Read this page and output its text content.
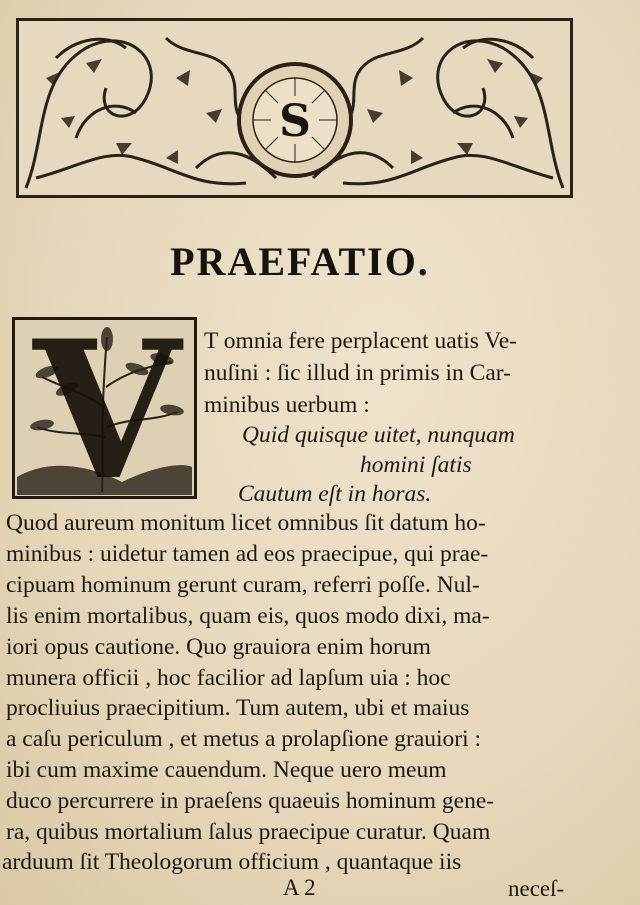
S
PRAEFATIO.
V T omnia fere perplacent uatis Ve-
nuſini : ſic illud in primis in Car-
minibus uerbum :
Quid quisque uitet, nunquam
homini ſatis
Cautum eſt in horas.
Quod aureum monitum licet omnibus ſit datum ho-
minibus : uidetur tamen ad eos praecipue, qui prae-
cipuam hominum gerunt curam, referri poſſe. Nul-
lis enim mortalibus, quam eis, quos modo dixi, ma-
iori opus cautione. Quo grauiora enim horum
munera officii , hoc facilior ad lapſum uia : hoc
procliuius praecipitium. Tum autem, ubi et maius
a caſu periculum , et metus a prolapſione grauiori :
ibi cum maxime cauendum. Neque uero meum
duco percurrere in praeſens quaeuis hominum gene-
ra, quibus mortalium ſalus praecipue curatur. Quam
arduum ſit Theologorum officium , quantaque iis
A 2	neceſ-
